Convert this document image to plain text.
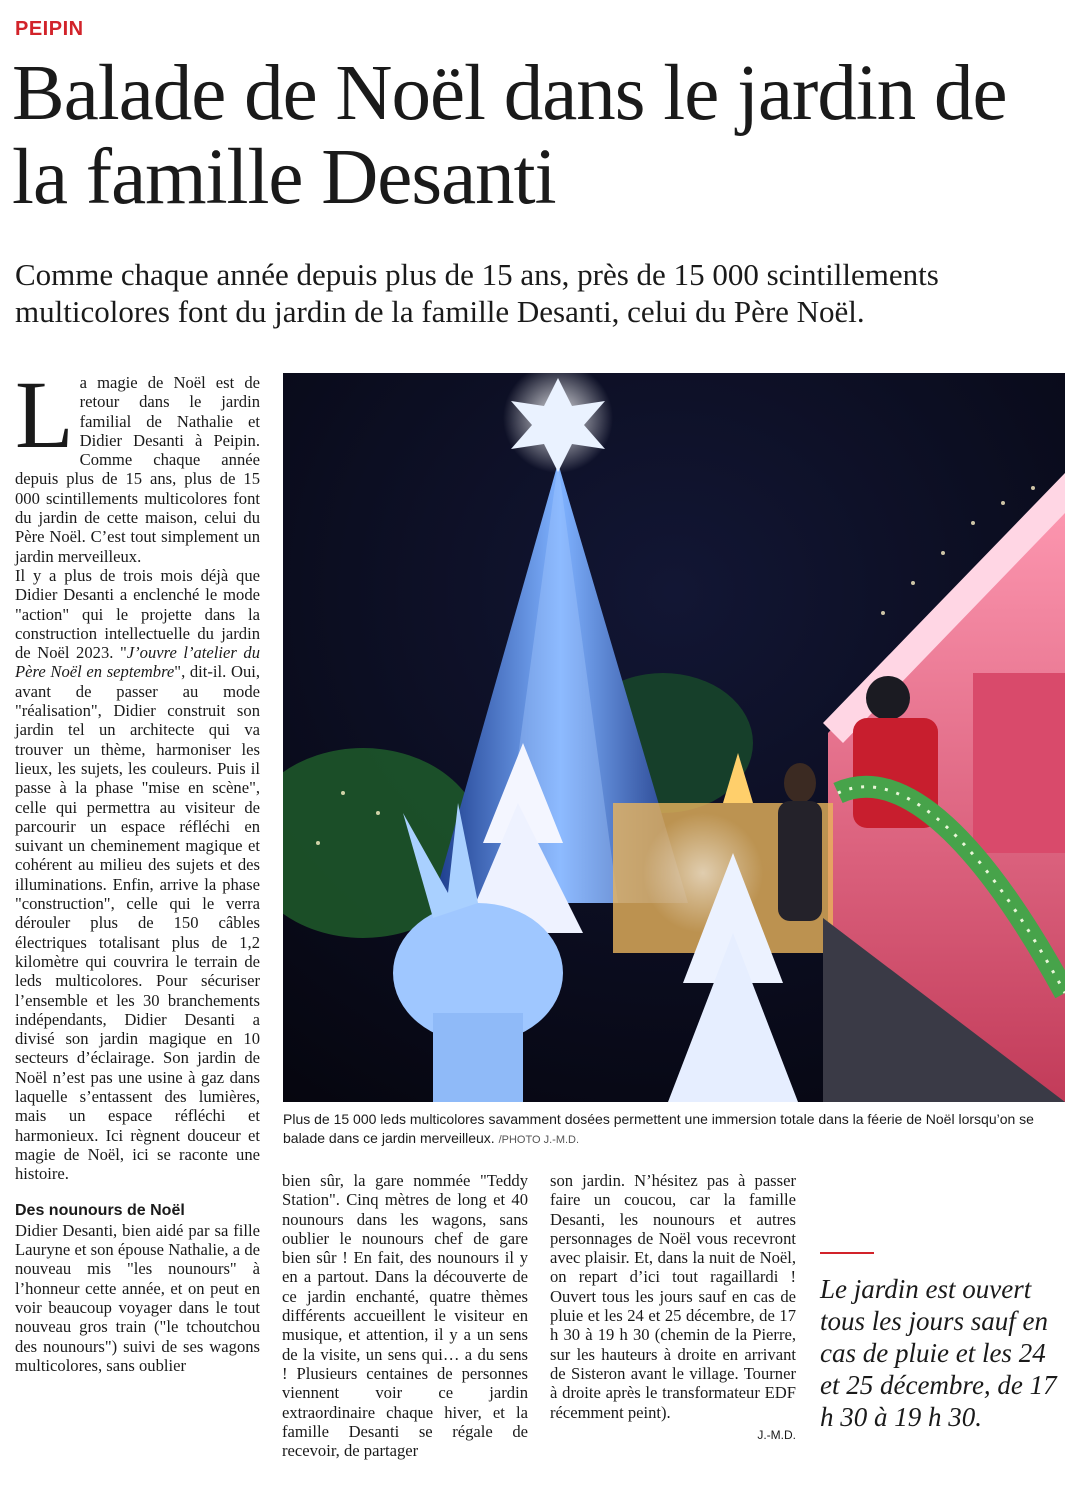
PEIPIN
Balade de Noël dans le jardin de la famille Desanti

Comme chaque année depuis plus de 15 ans, près de 15 000 scintillements multicolores font du jardin de la famille Desanti, celui du Père Noël.

La magie de Noël est de retour dans le jardin familial de Nathalie et Didier Desanti à Peipin. Comme chaque année depuis plus de 15 ans, plus de 15 000 scintillements multicolores font du jardin de cette maison, celui du Père Noël. C’est tout simplement un jardin merveilleux.

Il y a plus de trois mois déjà que Didier Desanti a enclenché le mode "action" qui le projette dans la construction intellectuelle du jardin de Noël 2023. "J’ouvre l’atelier du Père Noël en septembre", dit-il. Oui, avant de passer au mode "réalisation", Didier construit son jardin tel un architecte qui va trouver un thème, harmoniser les lieux, les sujets, les couleurs. Puis il passe à la phase "mise en scène", celle qui permettra au visiteur de parcourir un espace réfléchi en suivant un cheminement magique et cohérent au milieu des sujets et des illuminations. Enfin, arrive la phase "construction", celle qui le verra dérouler plus de 150 câbles électriques totalisant plus de 1,2 kilomètre qui couvrira le terrain de leds multicolores. Pour sécuriser l’ensemble et les 30 branchements indépendants, Didier Desanti a divisé son jardin magique en 10 secteurs d’éclairage. Son jardin de Noël n’est pas une usine à gaz dans laquelle s’entassent des lumières, mais un espace réfléchi et harmonieux. Ici règnent douceur et magie de Noël, ici se raconte une histoire.

Des nounours de Noël

Didier Desanti, bien aidé par sa fille Lauryne et son épouse Nathalie, a de nouveau mis "les nounours" à l’honneur cette année, et on peut en voir beaucoup voyager dans le tout nouveau gros train ("le tchoutchou des nounours") suivi de ses wagons multicolores, sans oublier

Plus de 15 000 leds multicolores savamment dosées permettent une immersion totale dans la féerie de Noël lorsqu’on se balade dans ce jardin merveilleux. /PHOTO J.-M.D.

bien sûr, la gare nommée "Teddy Station". Cinq mètres de long et 40 nounours dans les wagons, sans oublier le nounours chef de gare bien sûr ! En fait, des nounours il y en a partout. Dans la découverte de ce jardin enchanté, quatre thèmes différents accueillent le visiteur en musique, et attention, il y a un sens de la visite, un sens qui… a du sens ! Plusieurs centaines de personnes viennent voir ce jardin extraordinaire chaque hiver, et la famille Desanti se régale de recevoir, de partager

son jardin. N’hésitez pas à passer faire un coucou, car la famille Desanti, les nounours et autres personnages de Noël vous recevront avec plaisir. Et, dans la nuit de Noël, on repart d’ici tout ragaillardi ! Ouvert tous les jours sauf en cas de pluie et les 24 et 25 décembre, de 17 h 30 à 19 h 30 (chemin de la Pierre, sur les hauteurs à droite en arrivant de Sisteron avant le village. Tourner à droite après le transformateur EDF récemment peint).

J.-M.D.

Le jardin est ouvert tous les jours sauf en cas de pluie et les 24 et 25 décembre, de 17 h 30 à 19 h 30.
